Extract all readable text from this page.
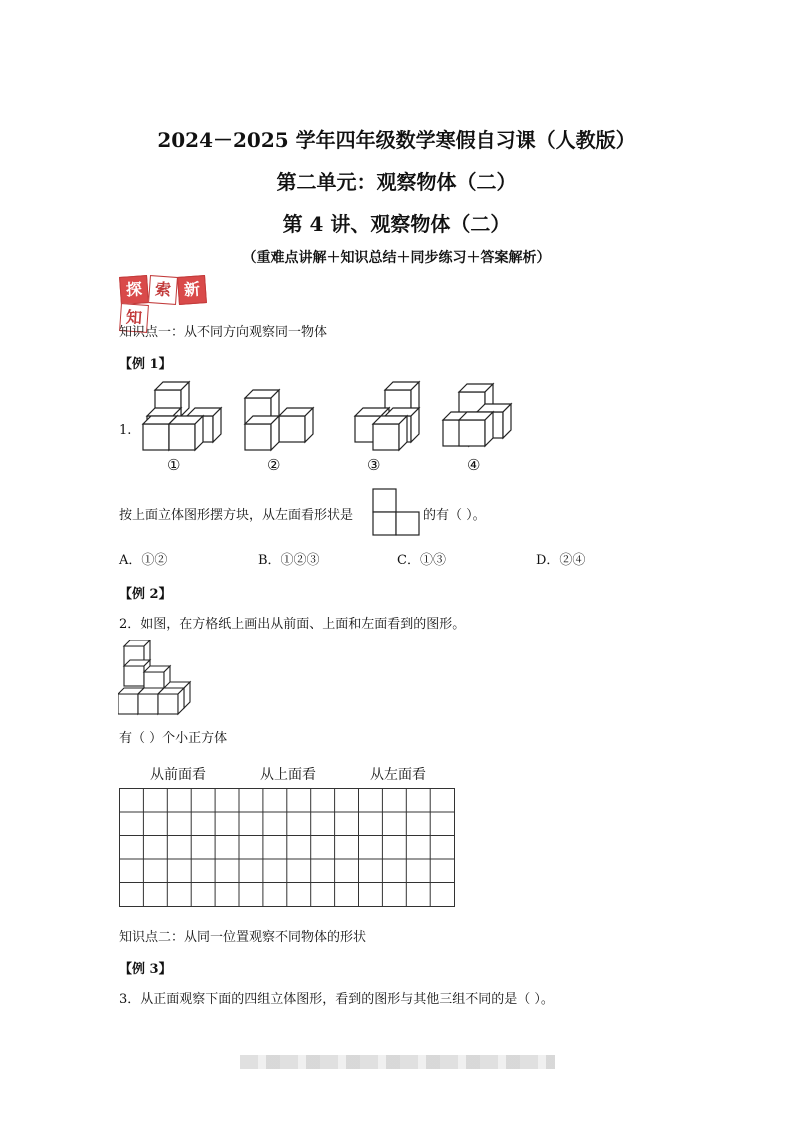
2024－2025 学年四年级数学寒假自习课（人教版）
第二单元：观察物体（二）
第 4 讲、观察物体（二）
（重难点讲解＋知识总结＋同步练习＋答案解析）
探 索 新知
知识点一：从不同方向观察同一物体
【例 1】
1.
①	②	③	④
按上面立体图形摆方块，从左面看形状是	的有（ ）。
A．①②	B．①②③	C．①③	D．②④
【例 2】
2．如图，在方格纸上画出从前面、上面和左面看到的图形。
有（ ）个小正方体
从前面看	从上面看	从左面看
知识点二：从同一位置观察不同物体的形状
【例 3】
3．从正面观察下面的四组立体图形，看到的图形与其他三组不同的是（ ）。
